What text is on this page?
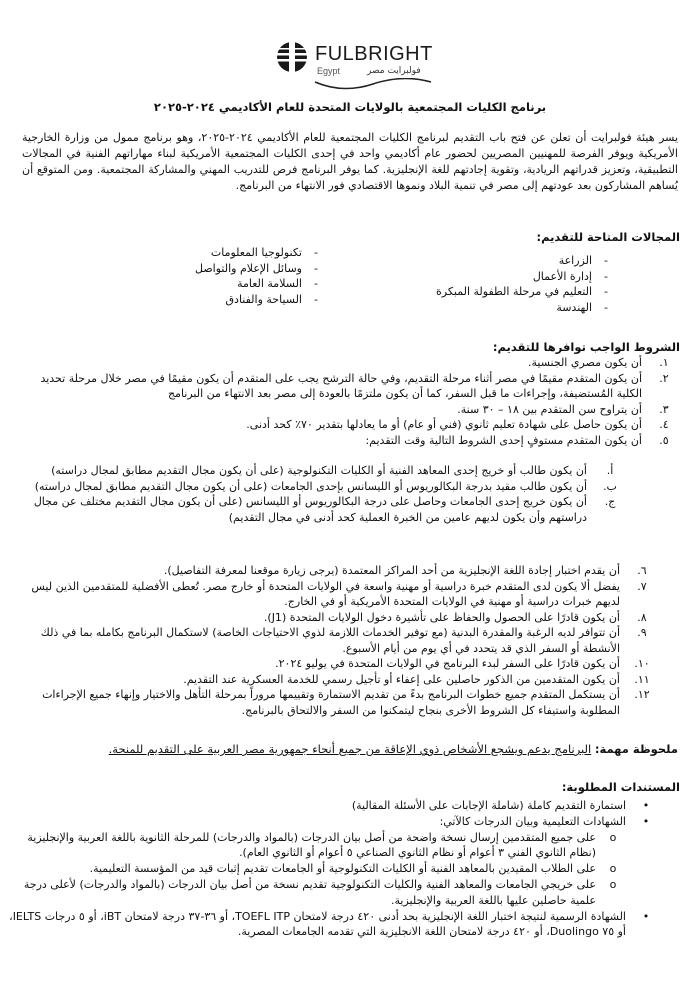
FULBRIGHT
Egypt	فولبرايت مصر
برنامج الكليات المجتمعية بالولايات المتحدة للعام الأكاديمي ٢٠٢٤-٢٠٢٥
يسر هيئة فولبرايت أن تعلن عن فتح باب التقديم لبرنامج الكليات المجتمعية للعام الأكاديمي ٢٠٢٤-٢٠٢٥، وهو برنامج ممول من وزارة الخارجية الأمريكية ويوفر الفرصة للمهنيين المصريين لحضور عام أكاديمي واحد في إحدى الكليات المجتمعية الأمريكية لبناء مهاراتهم الفنية في المجالات التطبيقية، وتعزيز قدراتهم الريادية، وتقوية إجادتهم للغة الإنجليزية. كما يوفر البرنامج فرص للتدريب المهني والمشاركة المجتمعية. ومن المتوقع أن يُساهم المشاركون بعد عودتهم إلى مصر في تنمية البلاد ونموها الاقتصادي فور الانتهاء من البرنامج.
المجالات المتاحة للتقديم:
-الزراعة
-إدارة الأعمال
-التعليم في مرحلة الطفولة المبكرة
-الهندسة
-تكنولوجيا المعلومات
-وسائل الإعلام والتواصل
-السلامة العامة
-السياحة والفنادق
الشروط الواجب توافرها للتقديم:
١.
أن يكون مصري الجنسية.
٢.
أن يكون المتقدم مقيمًا في مصر أثناء مرحلة التقديم، وفي حالة الترشح يجب على المتقدم أن يكون مقيمًا في مصر خلال مرحلة تحديد الكلية المُستضيفة، وإجراءات ما قبل السفر، كما أن يكون ملتزمًا بالعودة إلى مصر بعد الانتهاء من البرنامج
٣.
أن يتراوح سن المتقدم بين ١٨ – ٣٠ سنة.
٤.
أن يكون حاصل على شهادة تعليم ثانوي (فني أو عام) أو ما يعادلها بتقدير ٧٠٪ كحد أدنى.
٥.
أن يكون المتقدم مستوفٍ إحدى الشروط التالية وقت التقديم:
أ.
أن يكون طالب أو خريج إحدى المعاهد الفنية أو الكليات التكنولوجية (على أن يكون مجال التقديم مطابق لمجال دراسته)
ب.
أن يكون طالب مقيد بدرجة البكالوريوس أو الليسانس بإحدى الجامعات (على أن يكون مجال التقديم مطابق لمجال دراسته)
ج.
أن يكون خريج إحدى الجامعات وحاصل على درجة البكالوريوس أو الليسانس (على أن يكون مجال التقديم مختلف عن مجال دراستهم وأن يكون لديهم عامين من الخبرة العملية كحد أدنى في مجال التقديم)
٦.
أن يقدم اختبار إجادة اللغة الإنجليزية من أحد المراكز المعتمدة (يرجى زيارة موقعنا لمعرفة التفاصيل).
٧.
يفضل ألا يكون لدى المتقدم خبرة دراسية أو مهنية واسعة في الولايات المتحدة أو خارج مصر. تُعطى الأفضلية للمتقدمين الذين ليس لديهم خبرات دراسية أو مهنية في الولايات المتحدة الأمريكية أو في الخارج.
٨.
أن يكون قادرًا على الحصول والحفاظ على تأشيرة دخول الولايات المتحدة (J1).
٩.
أن تتوافر لديه الرغبة والمقدرة البدنية (مع توفير الخدمات اللازمة لذوي الاحتياجات الخاصة) لاستكمال البرنامج بكامله بما في ذلك الأنشطة أو السفر الذي قد يتحدد في أي يوم من أيام الأسبوع.
١٠.
أن يكون قادرًا على السفر لبدء البرنامج في الولايات المتحدة في يوليو ٢٠٢٤.
١١.
أن يكون المتقدمين من الذكور حاصلين على إعفاء أو تأجيل رسمي للخدمة العسكرية عند التقديم.
١٢.
أن يستكمل المتقدم جميع خطوات البرنامج بدءً من تقديم الاستمارة وتقييمها مروراً بمرحلة التأهل والاختيار وإنهاء جميع الإجراءات المطلوبة واستيفاء كل الشروط الأخرى بنجاح ليتمكنوا من السفر والالتحاق بالبرنامج.
ملحوظة مهمة: البرنامج يدعم ويشجع الأشخاص ذوي الإعاقة من جميع أنحاء جمهورية مصر العربية على التقديم للمنحة.
المستندات المطلوبة:
•
استمارة التقديم كاملة (شاملة الإجابات على الأسئلة المقالية)
•
الشهادات التعليمية وبيان الدرجات كالآتي:
o
على جميع المتقدمين إرسال نسخة واضحة من أصل بيان الدرجات (بالمواد والدرجات) للمرحلة الثانوية باللغة العربية والإنجليزية (نظام الثانوي الفني ٣ أعوام أو نظام الثانوي الصناعي ٥ أعوام أو الثانوي العام).
o
على الطلاب المقيدين بالمعاهد الفنية أو الكليات التكنولوجية أو الجامعات تقديم إثبات قيد من المؤسسة التعليمية.
o
على خريجي الجامعات والمعاهد الفنية والكليات التكنولوجية تقديم نسخة من أصل بيان الدرجات (بالمواد والدرجات) لأعلى درجة علمية حاصلين عليها باللغة العربية والإنجليزية.
•
الشهادة الرسمية لنتيجة اختبار اللغة الإنجليزية بحد أدنى ٤٢٠ درجة لامتحان TOEFL ITP، أو ٣٦-٣٧ درجة لامتحان iBT، أو ٥ درجات IELTS، أو ٧٥ Duolingo، أو ٤٢٠ درجة لامتحان اللغة الانجليزية التي تقدمه الجامعات المصرية.
